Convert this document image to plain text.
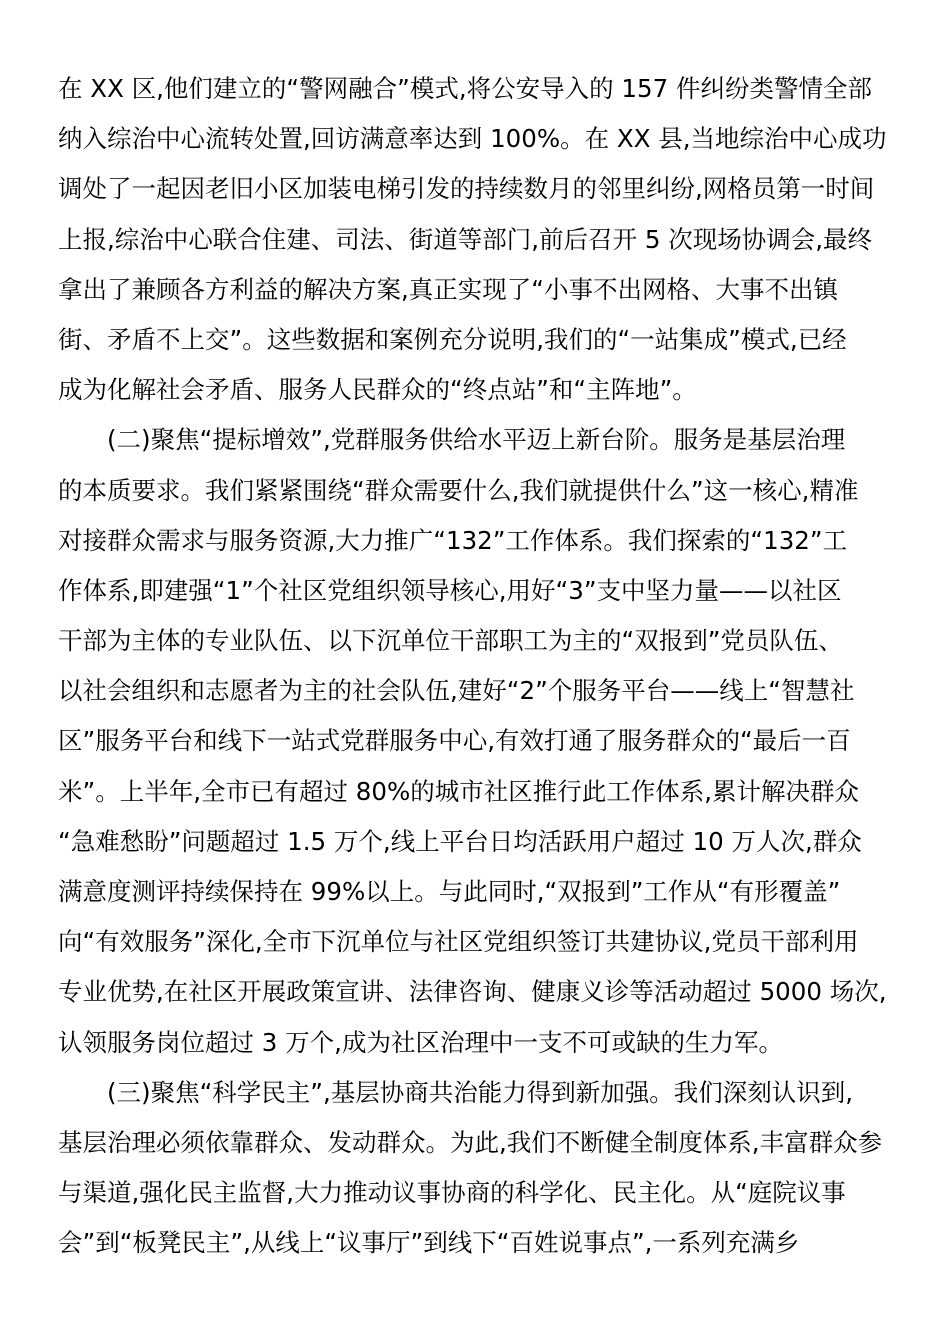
在 XX 区,他们建立的“警网融合”模式,将公安导入的 157 件纠纷类警情全部
纳入综治中心流转处置,回访满意率达到 100%。在 XX 县,当地综治中心成功
调处了一起因老旧小区加装电梯引发的持续数月的邻里纠纷,网格员第一时间
上报,综治中心联合住建、司法、街道等部门,前后召开 5 次现场协调会,最终
拿出了兼顾各方利益的解决方案,真正实现了“小事不出网格、大事不出镇
街、矛盾不上交”。这些数据和案例充分说明,我们的“一站集成”模式,已经
成为化解社会矛盾、服务人民群众的“终点站”和“主阵地”。
(二)聚焦“提标增效”,党群服务供给水平迈上新台阶。服务是基层治理
的本质要求。我们紧紧围绕“群众需要什么,我们就提供什么”这一核心,精准
对接群众需求与服务资源,大力推广“132”工作体系。我们探索的“132”工
作体系,即建强“1”个社区党组织领导核心,用好“3”支中坚力量——以社区
干部为主体的专业队伍、以下沉单位干部职工为主的“双报到”党员队伍、
以社会组织和志愿者为主的社会队伍,建好“2”个服务平台——线上“智慧社
区”服务平台和线下一站式党群服务中心,有效打通了服务群众的“最后一百
米”。上半年,全市已有超过 80%的城市社区推行此工作体系,累计解决群众
“急难愁盼”问题超过 1.5 万个,线上平台日均活跃用户超过 10 万人次,群众
满意度测评持续保持在 99%以上。与此同时,“双报到”工作从“有形覆盖”
向“有效服务”深化,全市下沉单位与社区党组织签订共建协议,党员干部利用
专业优势,在社区开展政策宣讲、法律咨询、健康义诊等活动超过 5000 场次,
认领服务岗位超过 3 万个,成为社区治理中一支不可或缺的生力军。
(三)聚焦“科学民主”,基层协商共治能力得到新加强。我们深刻认识到,
基层治理必须依靠群众、发动群众。为此,我们不断健全制度体系,丰富群众参
与渠道,强化民主监督,大力推动议事协商的科学化、民主化。从“庭院议事
会”到“板凳民主”,从线上“议事厅”到线下“百姓说事点”,一系列充满乡
